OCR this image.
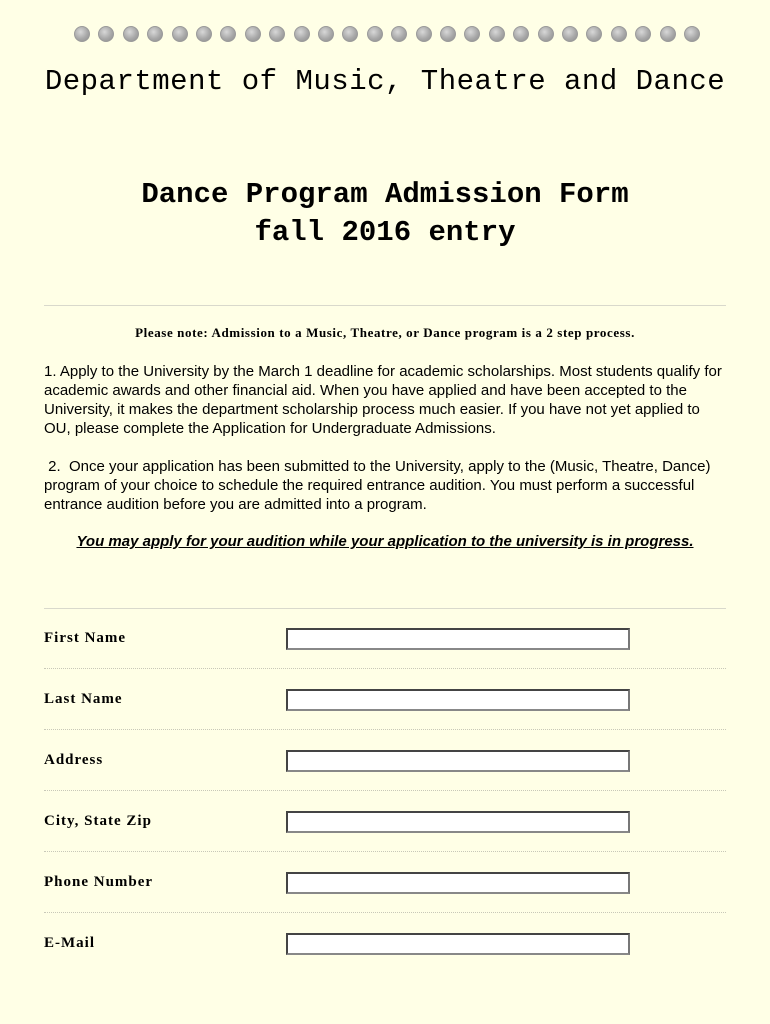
Department of Music, Theatre and Dance
Dance Program Admission Form
fall 2016 entry
Please note: Admission to a Music, Theatre, or Dance program is a 2 step process.
1. Apply to the University by the March 1 deadline for academic scholarships. Most students qualify for academic awards and other financial aid. When you have applied and have been accepted to the University, it makes the department scholarship process much easier. If you have not yet applied to OU, please complete the Application for Undergraduate Admissions.
2.  Once your application has been submitted to the University, apply to the (Music, Theatre, Dance) program of your choice to schedule the required entrance audition. You must perform a successful entrance audition before you are admitted into a program.
You may apply for your audition while your application to the university is in progress.
First Name
Last Name
Address
City, State Zip
Phone Number
E-Mail
